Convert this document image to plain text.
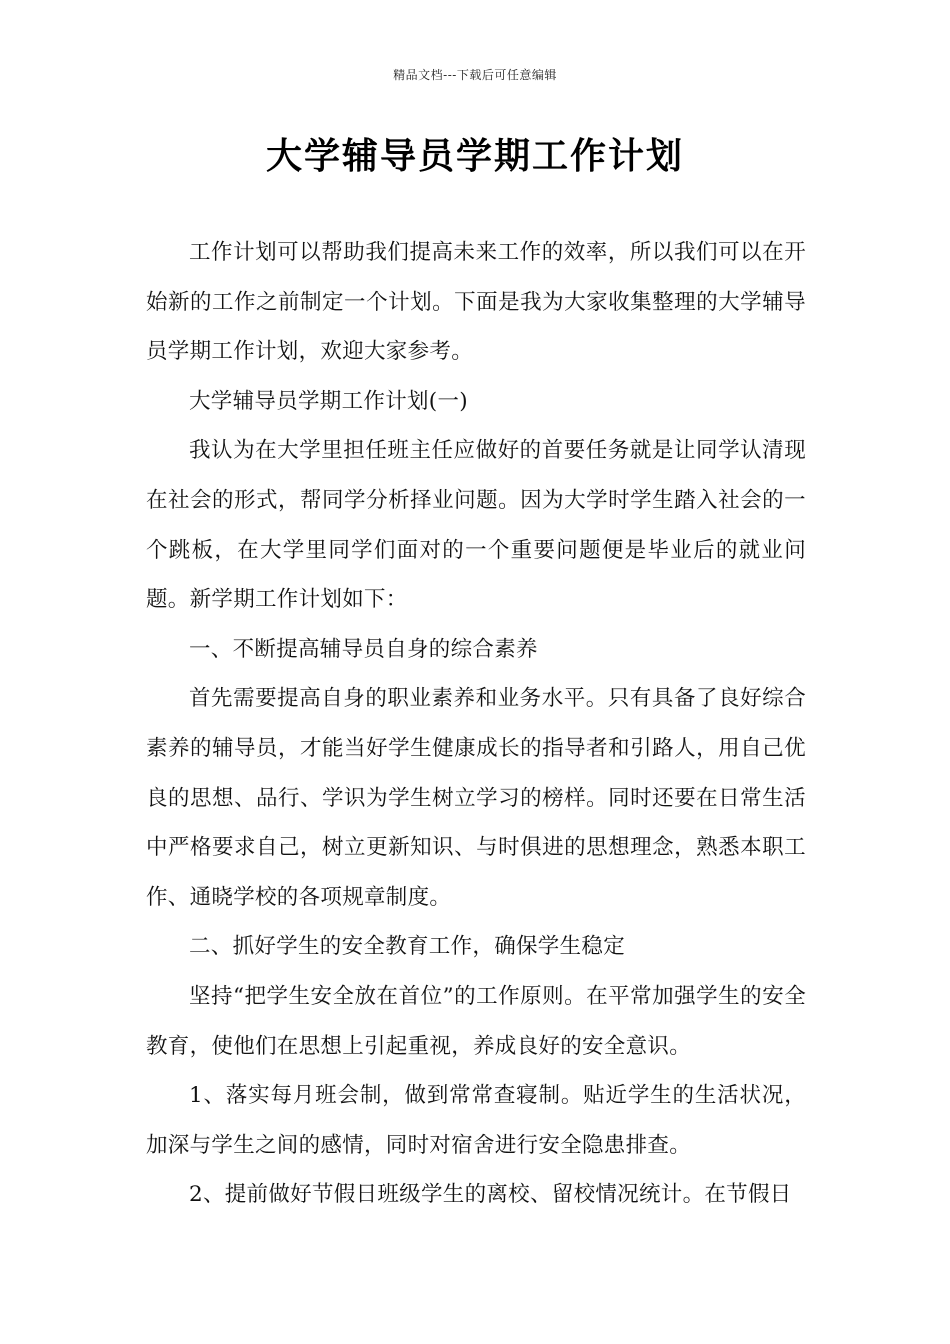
精品文档---下载后可任意编辑
大学辅导员学期工作计划

工作计划可以帮助我们提高未来工作的效率，所以我们可以在开始新的工作之前制定一个计划。下面是我为大家收集整理的大学辅导员学期工作计划，欢迎大家参考。

大学辅导员学期工作计划(一)

我认为在大学里担任班主任应做好的首要任务就是让同学认清现在社会的形式，帮同学分析择业问题。因为大学时学生踏入社会的一个跳板，在大学里同学们面对的一个重要问题便是毕业后的就业问题。新学期工作计划如下：

一、不断提高辅导员自身的综合素养

首先需要提高自身的职业素养和业务水平。只有具备了良好综合素养的辅导员，才能当好学生健康成长的指导者和引路人，用自己优良的思想、品行、学识为学生树立学习的榜样。同时还要在日常生活中严格要求自己，树立更新知识、与时俱进的思想理念，熟悉本职工作、通晓学校的各项规章制度。

二、抓好学生的安全教育工作，确保学生稳定

坚持“把学生安全放在首位”的工作原则。在平常加强学生的安全教育，使他们在思想上引起重视，养成良好的安全意识。

1、落实每月班会制，做到常常查寝制。贴近学生的生活状况，加深与学生之间的感情，同时对宿舍进行安全隐患排查。

2、提前做好节假日班级学生的离校、留校情况统计。在节假日
